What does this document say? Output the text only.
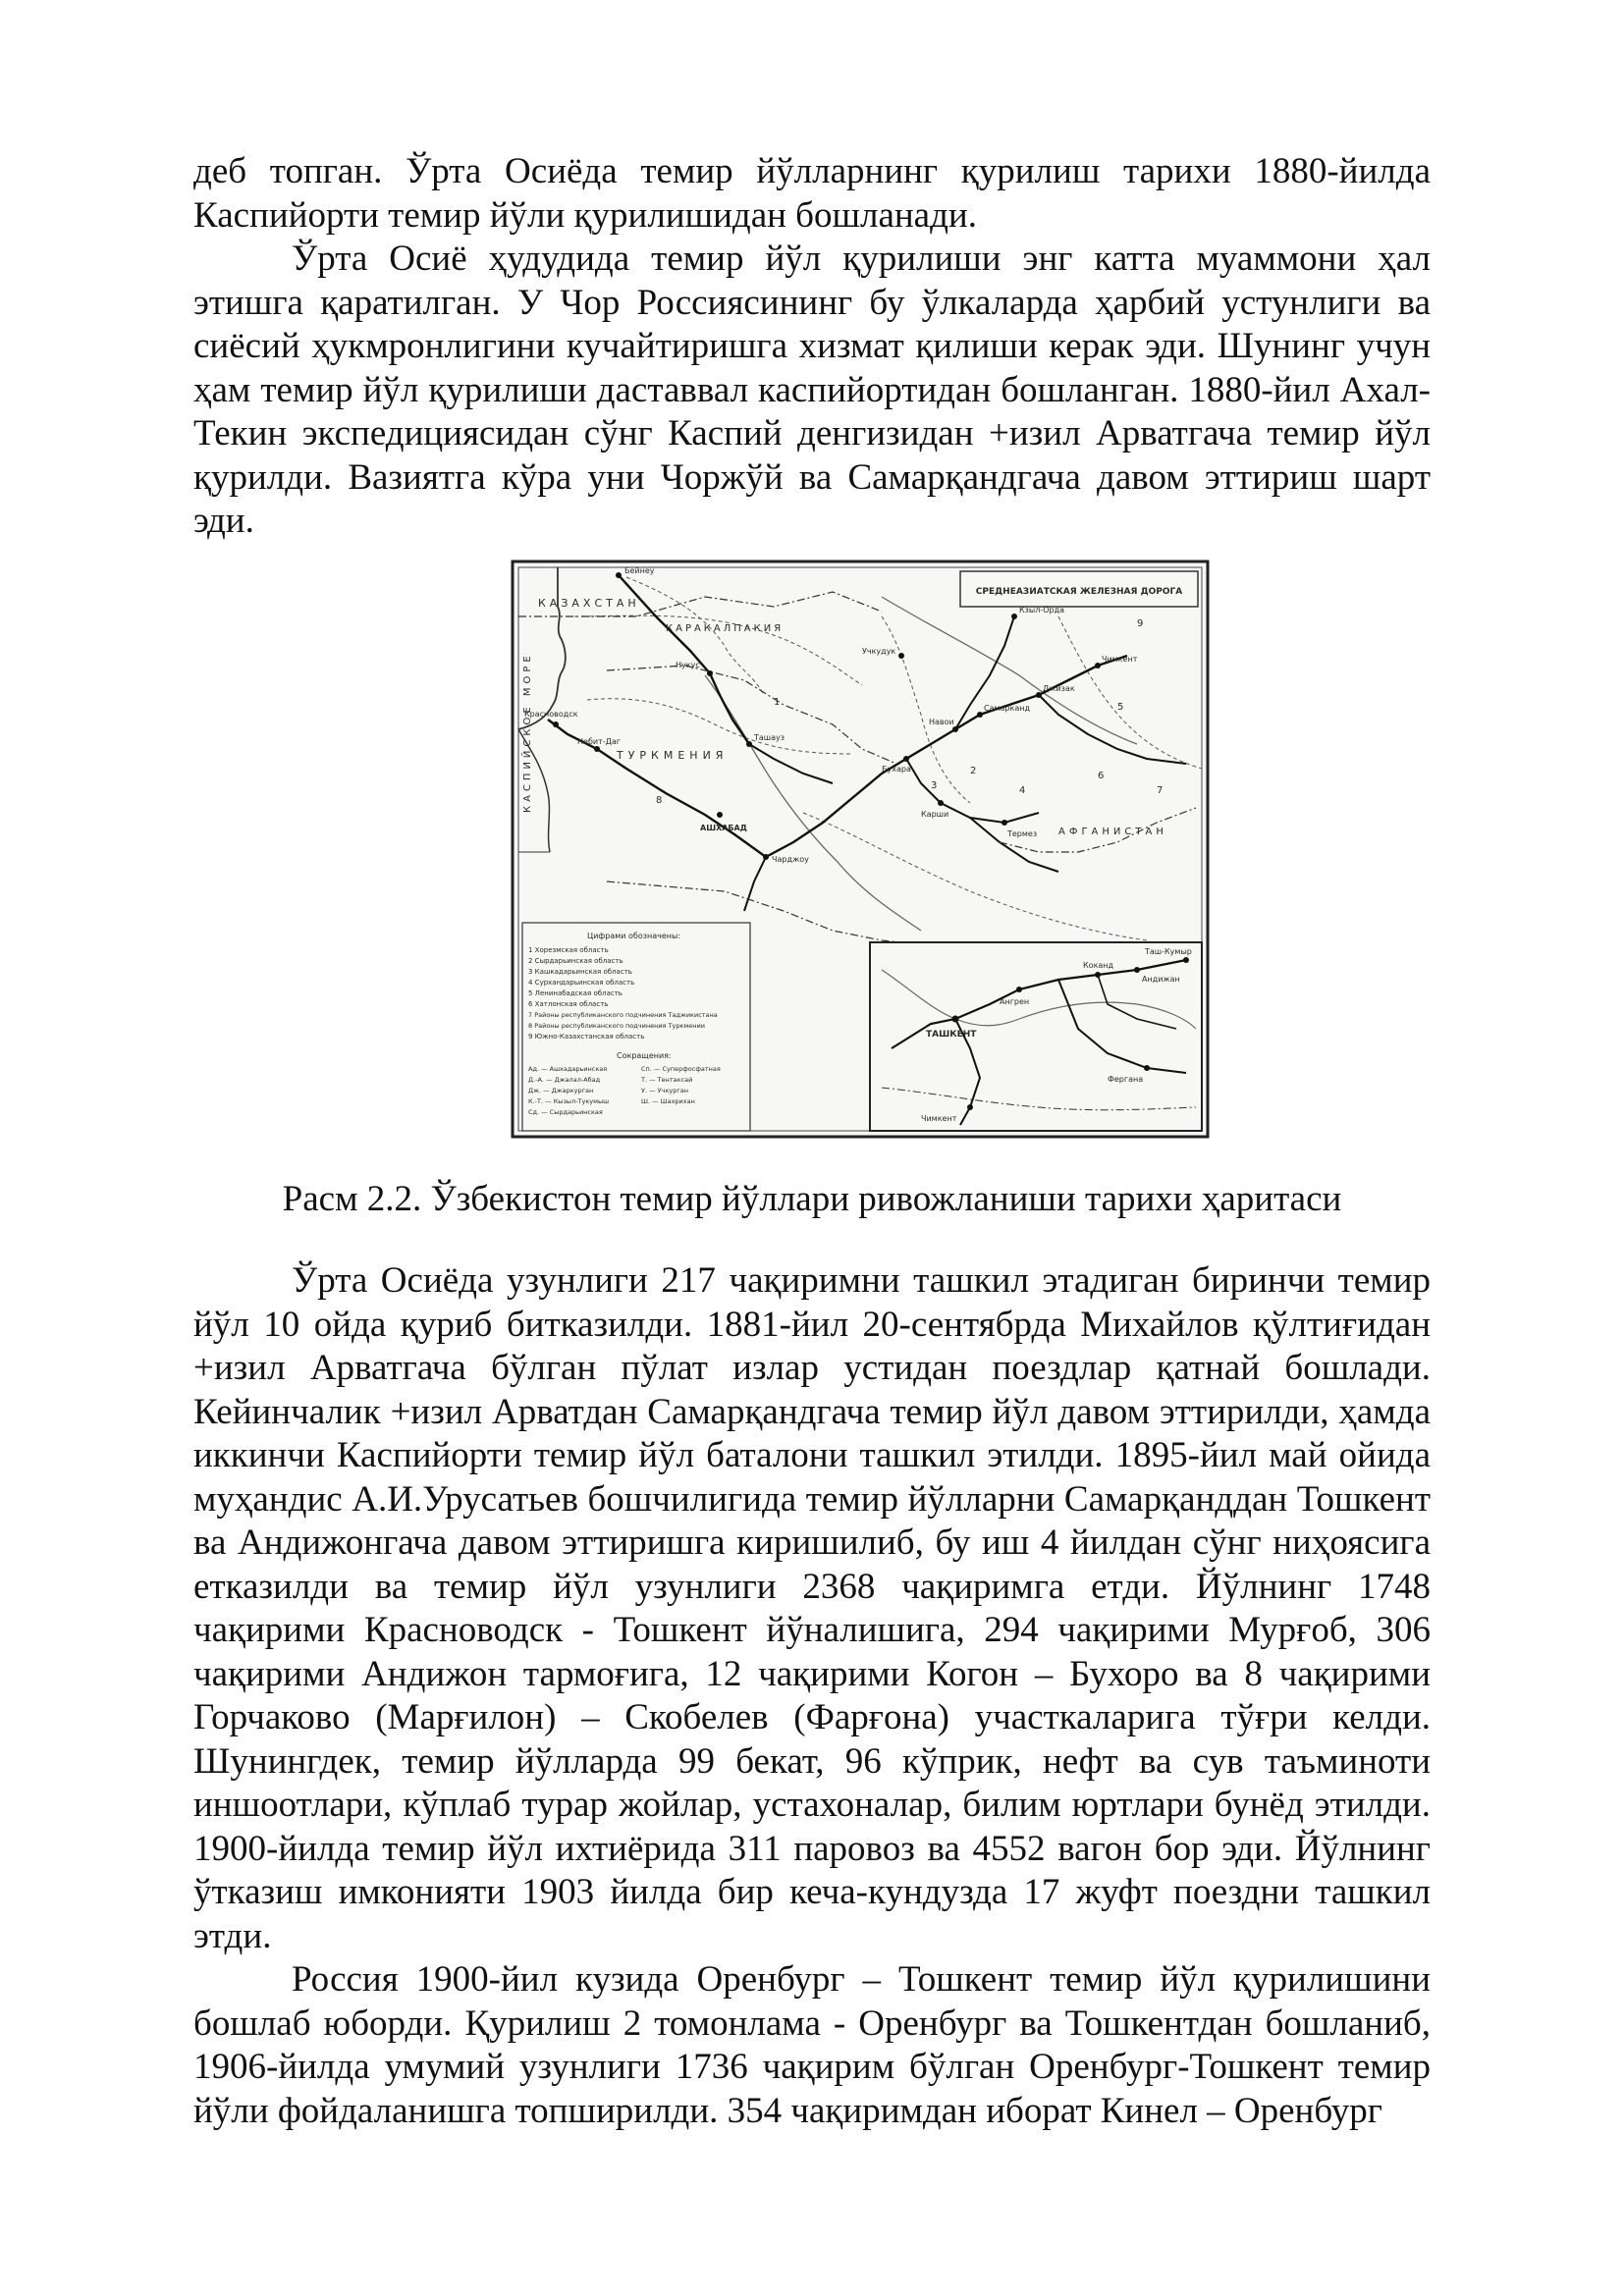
деб топган. Ўрта Осиёда темир йўлларнинг қурилиш тарихи 1880-йилда Каспийорти темир йўли қурилишидан бошланади.

Ўрта Осиё ҳудудида темир йўл қурилиши энг катта муаммони ҳал этишга қаратилган. У Чор Россиясининг бу ўлкаларда ҳарбий устунлиги ва сиёсий ҳукмронлигини кучайтиришга хизмат қилиши керак эди. Шунинг учун ҳам темир йўл қурилиши даставвал каспийортидан бошланган. 1880-йил Ахал-Текин экспедициясидан сўнг Каспий денгизидан +изил Арватгача темир йўл қурилди. Вазиятга кўра уни Чоржўй ва Самарқандгача давом эттириш шарт эди.

СРЕДНЕАЗИАТСКАЯ ЖЕЛЕЗНАЯ ДОРОГА
КАСПИЙСКОЕ МОРЕ
КАЗАХСТАН
КАРАКАЛПАКИЯ
ТУРКМЕНИЯ
АФГАНИСТАН
Бейнеу
Красноводск
Небит-Даг
АШХАБАД
Чарджоу
Учкудук
Нукус
Ташауз
Бухара
Навои
Самарканд
Карши
Термез
Джизак
Кзыл-Орда
Чимкент
1
2
3	4
5
6
7
8
9
Цифрами обозначены:
1 Хорезмская область
2 Сырдарьинская область
3 Кашкадарьинская область
4 Сурхандарьинская область
5 Ленинабадская область
6 Хатлонская область
7 Районы республиканского подчинения Таджикистана
8 Районы республиканского подчинения Туркмении
9 Южно-Казахстанская область
Сокращения:
Ад. — Ашхадарьинская
Д.-А. — Джалал-Абад
Дж. — Джаркурган
К.-Т. — Кызыл-Тукумыш
Сд. — Сырдарьинская
Сп. — Суперфосфатная
Т. — Тентаксай
У. — Учкурган
Ш. — Шахрихан
ТАШКЕНТ
Ангрен
Коканд
Андижан
Таш-Кумыр
Фергана
Чимкент
Расм 2.2. Ўзбекистон темир йўллари ривожланиши тарихи ҳаритаси

Ўрта Осиёда узунлиги 217 чақиримни ташкил этадиган биринчи темир йўл 10 ойда қуриб битказилди. 1881-йил 20-сентябрда Михайлов қўлтиғидан +изил Арватгача бўлган пўлат излар устидан поездлар қатнай бошлади. Кейинчалик +изил Арватдан Самарқандгача темир йўл давом эттирилди, ҳамда иккинчи Каспийорти темир йўл баталони ташкил этилди. 1895-йил май ойида муҳандис А.И.Урусатьев бошчилигида темир йўлларни Самарқанддан Тошкент ва Андижонгача давом эттиришга киришилиб, бу иш 4 йилдан сўнг ниҳоясига етказилди ва темир йўл узунлиги 2368 чақиримга етди. Йўлнинг 1748 чақирими Красноводск - Тошкент йўналишига, 294 чақирими Мурғоб, 306 чақирими Андижон тармоғига, 12 чақирими Когон – Бухоро ва 8 чақирими Горчаково (Марғилон) – Скобелев (Фарғона) участкаларига тўғри келди. Шунингдек, темир йўлларда 99 бекат, 96 кўприк, нефт ва сув таъминоти иншоотлари, кўплаб турар жойлар, устахоналар, билим юртлари бунёд этилди. 1900-йилда темир йўл ихтиёрида 311 паровоз ва 4552 вагон бор эди. Йўлнинг ўтказиш имконияти 1903 йилда бир кеча-кундузда 17 жуфт поездни ташкил этди.

Россия 1900-йил кузида Оренбург – Тошкент темир йўл қурилишини бошлаб юборди. Қурилиш 2 томонлама - Оренбург ва Тошкентдан бошланиб, 1906-йилда умумий узунлиги 1736 чақирим бўлган Оренбург-Тошкент темир йўли фойдаланишга топширилди. 354 чақиримдан иборат Кинел – Оренбург
